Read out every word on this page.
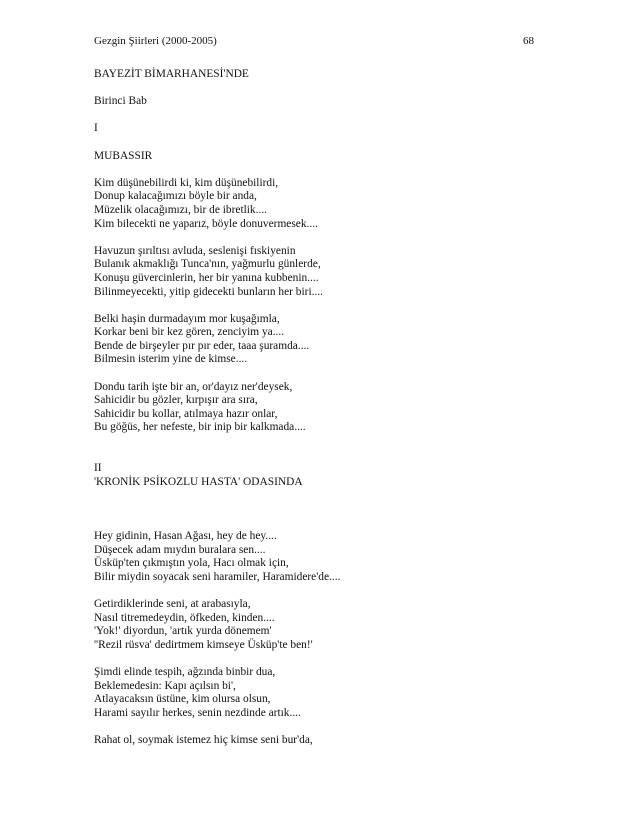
Gezgin Şiirleri (2000-2005)	68
BAYEZİT BİMARHANESİ'NDE
Birinci Bab
I
MUBASSIR
Kim düşünebilirdi ki, kim düşünebilirdi,
Donup kalacağımızı böyle bir anda,
Müzelik olacağımızı, bir de ibretlik....
Kim bilecekti ne yaparız, böyle donuvermesek....
Havuzun şırıltısı avluda, seslenişi fıskiyenin
Bulanık akmaklığı Tunca'nın, yağmurlu günlerde,
Konuşu güvercinlerin, her bir yanına kubbenin....
Bilinmeyecekti, yitip gidecekti bunların her biri....
Belki haşin durmadayım mor kuşağımla,
Korkar beni bir kez gören, zenciyim ya....
Bende de birşeyler pır pır eder, taaa şuramda....
Bilmesin isterim yine de kimse....
Dondu tarih işte bir an, or'dayız ner'deysek,
Sahicidir bu gözler, kırpışır ara sıra,
Sahicidir bu kollar, atılmaya hazır onlar,
Bu göğüs, her nefeste, bir inip bir kalkmada....
II
'KRONİK PSİKOZLU HASTA' ODASINDA
Hey gidinin, Hasan Ağası, hey de hey....
Düşecek adam mıydın buralara sen....
Üsküp'ten çıkmıştın yola, Hacı olmak için,
Bilir miydin soyacak seni haramiler, Haramidere'de....
Getirdiklerinde seni, at arabasıyla,
Nasıl titremedeydin, öfkeden, kinden....
'Yok!' diyordun, 'artık yurda dönemem'
''Rezil rüsva' dedirtmem kimseye Üsküp'te ben!'
Şimdi elinde tespih, ağzında binbir dua,
Beklemedesin: Kapı açılsın bi',
Atlayacaksın üstüne, kim olursa olsun,
Harami sayılır herkes, senin nezdinde artık....
Rahat ol, soymak istemez hiç kimse seni bur'da,
